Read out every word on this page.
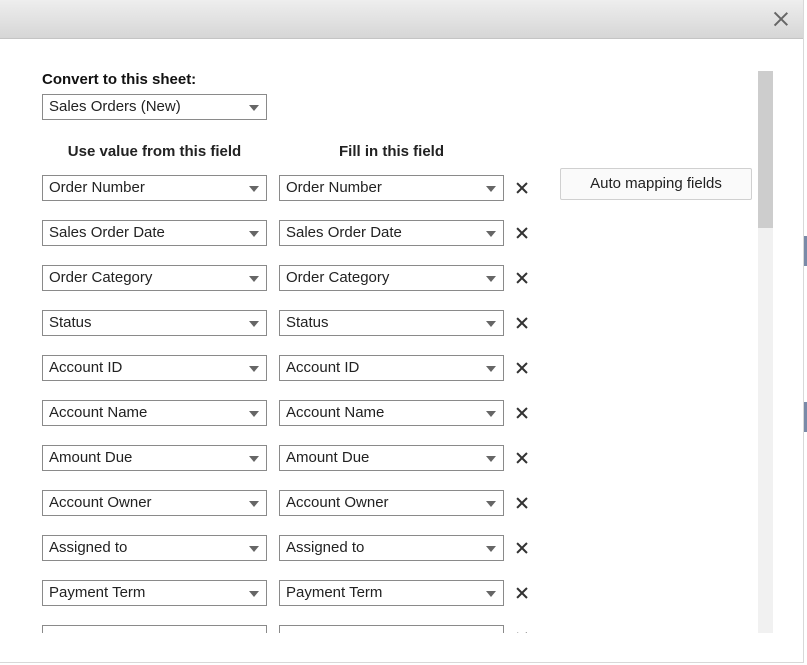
Convert to this sheet:
Sales Orders (New)
Use value from this field	Fill in this field
Order Number	Order Number
Sales Order Date	Sales Order Date
Order Category	Order Category
Status	Status
Account ID	Account ID
Account Name	Account Name
Amount Due	Amount Due
Account Owner	Account Owner
Assigned to	Assigned to
Payment Term	Payment Term
Auto mapping fields
